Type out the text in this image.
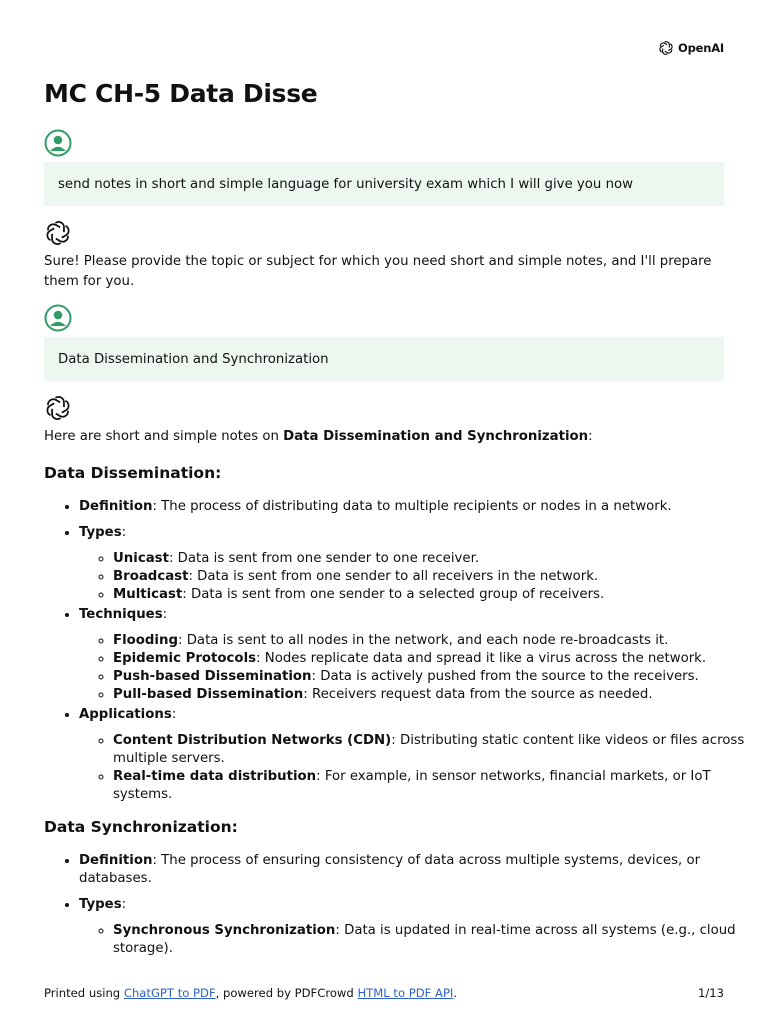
OpenAI
MC CH-5 Data Disse
send notes in short and simple language for university exam which I will give you now

Sure! Please provide the topic or subject for which you need short and simple notes, and I'll prepare them for you.

Data Dissemination and Synchronization

Here are short and simple notes on Data Dissemination and Synchronization:

Data Dissemination:
• Definition: The process of distributing data to multiple recipients or nodes in a network.
• Types:
◦ Unicast: Data is sent from one sender to one receiver.
◦ Broadcast: Data is sent from one sender to all receivers in the network.
◦ Multicast: Data is sent from one sender to a selected group of receivers.
• Techniques:
◦ Flooding: Data is sent to all nodes in the network, and each node re-broadcasts it.
◦ Epidemic Protocols: Nodes replicate data and spread it like a virus across the network.
◦ Push-based Dissemination: Data is actively pushed from the source to the receivers.
◦ Pull-based Dissemination: Receivers request data from the source as needed.
• Applications:
◦ Content Distribution Networks (CDN): Distributing static content like videos or files across multiple servers.
◦ Real-time data distribution: For example, in sensor networks, financial markets, or IoT systems.
Data Synchronization:
• Definition: The process of ensuring consistency of data across multiple systems, devices, or databases.
• Types:
◦ Synchronous Synchronization: Data is updated in real-time across all systems (e.g., cloud storage).
Printed using ChatGPT to PDF, powered by PDFCrowd HTML to PDF API.	1/13
